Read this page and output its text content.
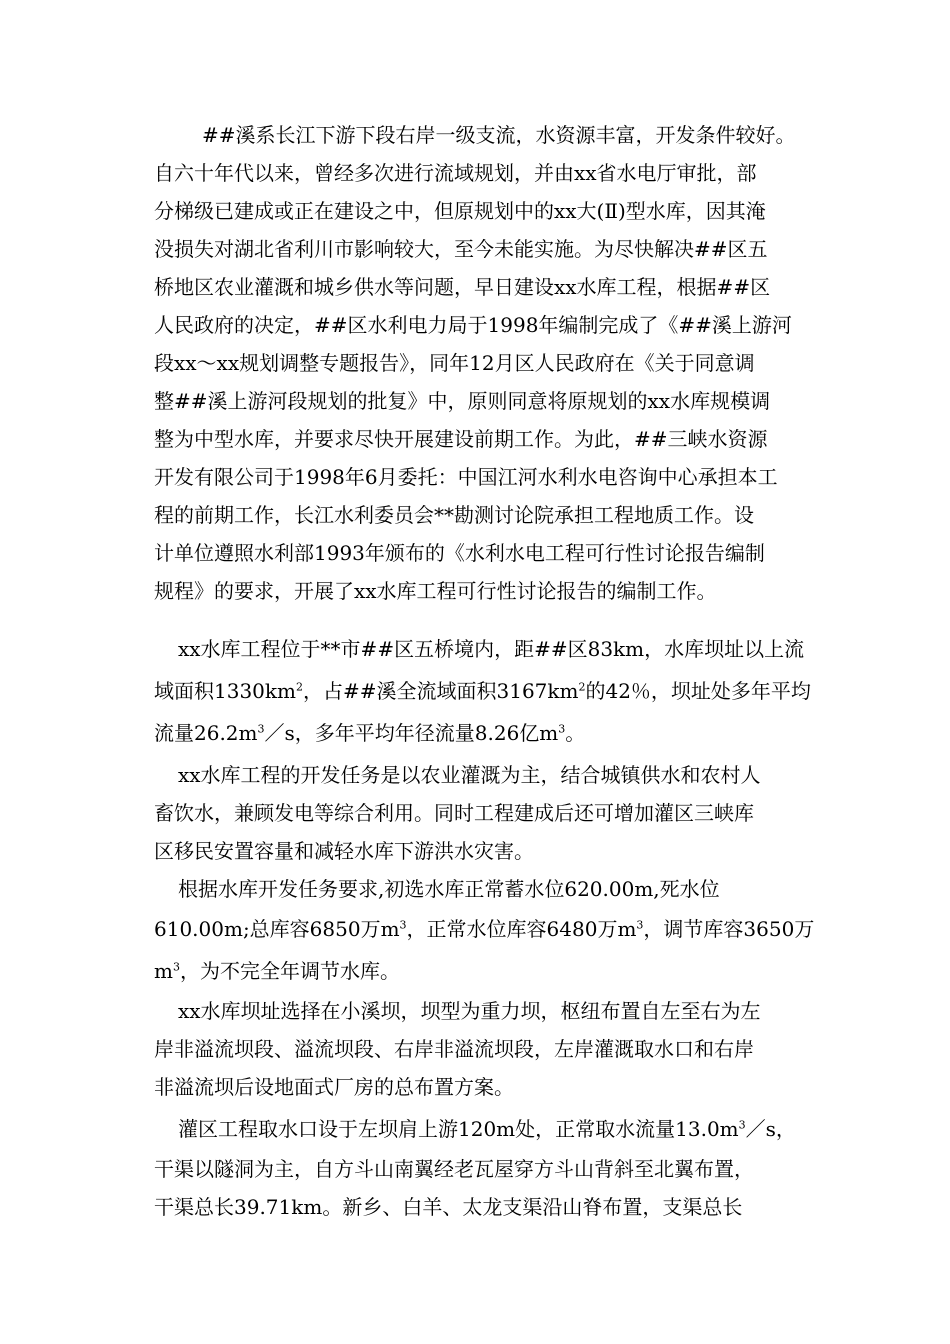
##溪系长江下游下段右岸一级支流，水资源丰富，开发条件较好。
自六十年代以来，曾经多次进行流域规划，并由xx省水电厅审批，部
分梯级已建成或正在建设之中，但原规划中的xx大(Ⅱ)型水库，因其淹
没损失对湖北省利川市影响较大，至今未能实施。为尽快解决##区五
桥地区农业灌溉和城乡供水等问题，早日建设xx水库工程，根据##区
人民政府的决定，##区水利电力局于1998年编制完成了《##溪上游河
段xx～xx规划调整专题报告》，同年12月区人民政府在《关于同意调
整##溪上游河段规划的批复》中，原则同意将原规划的xx水库规模调
整为中型水库，并要求尽快开展建设前期工作。为此，##三峡水资源
开发有限公司于1998年6月委托：中国江河水利水电咨询中心承担本工
程的前期工作，长江水利委员会**勘测讨论院承担工程地质工作。设
计单位遵照水利部1993年颁布的《水利水电工程可行性讨论报告编制
规程》的要求，开展了xx水库工程可行性讨论报告的编制工作。
xx水库工程位于**市##区五桥境内，距##区83km，水库坝址以上流
域面积$1330km^2$，占##溪全流域面积$3167km^2$的42％，坝址处多年平均
流量$26.2m^3/s$，多年平均年径流量8.26亿$m^3$。
xx水库工程的开发任务是以农业灌溉为主，结合城镇供水和农村人
畜饮水，兼顾发电等综合利用。同时工程建成后还可增加灌区三峡库
区移民安置容量和减轻水库下游洪水灾害。
根据水库开发任务要求,初选水库正常蓄水位620.00m,死水位
610.00m;总库容6850万$m^3$，正常水位库容6480万$m^3$，调节库容3650万
$m^3$，为不完全年调节水库。
xx水库坝址选择在小溪坝，坝型为重力坝，枢纽布置自左至右为左
岸非溢流坝段、溢流坝段、右岸非溢流坝段，左岸灌溉取水口和右岸
非溢流坝后设地面式厂房的总布置方案。
灌区工程取水口设于左坝肩上游120m处，正常取水流量$13.0m^3/s$，
干渠以隧洞为主，自方斗山南翼经老瓦屋穿方斗山背斜至北翼布置，
干渠总长39.71km。新乡、白羊、太龙支渠沿山脊布置，支渠总长
